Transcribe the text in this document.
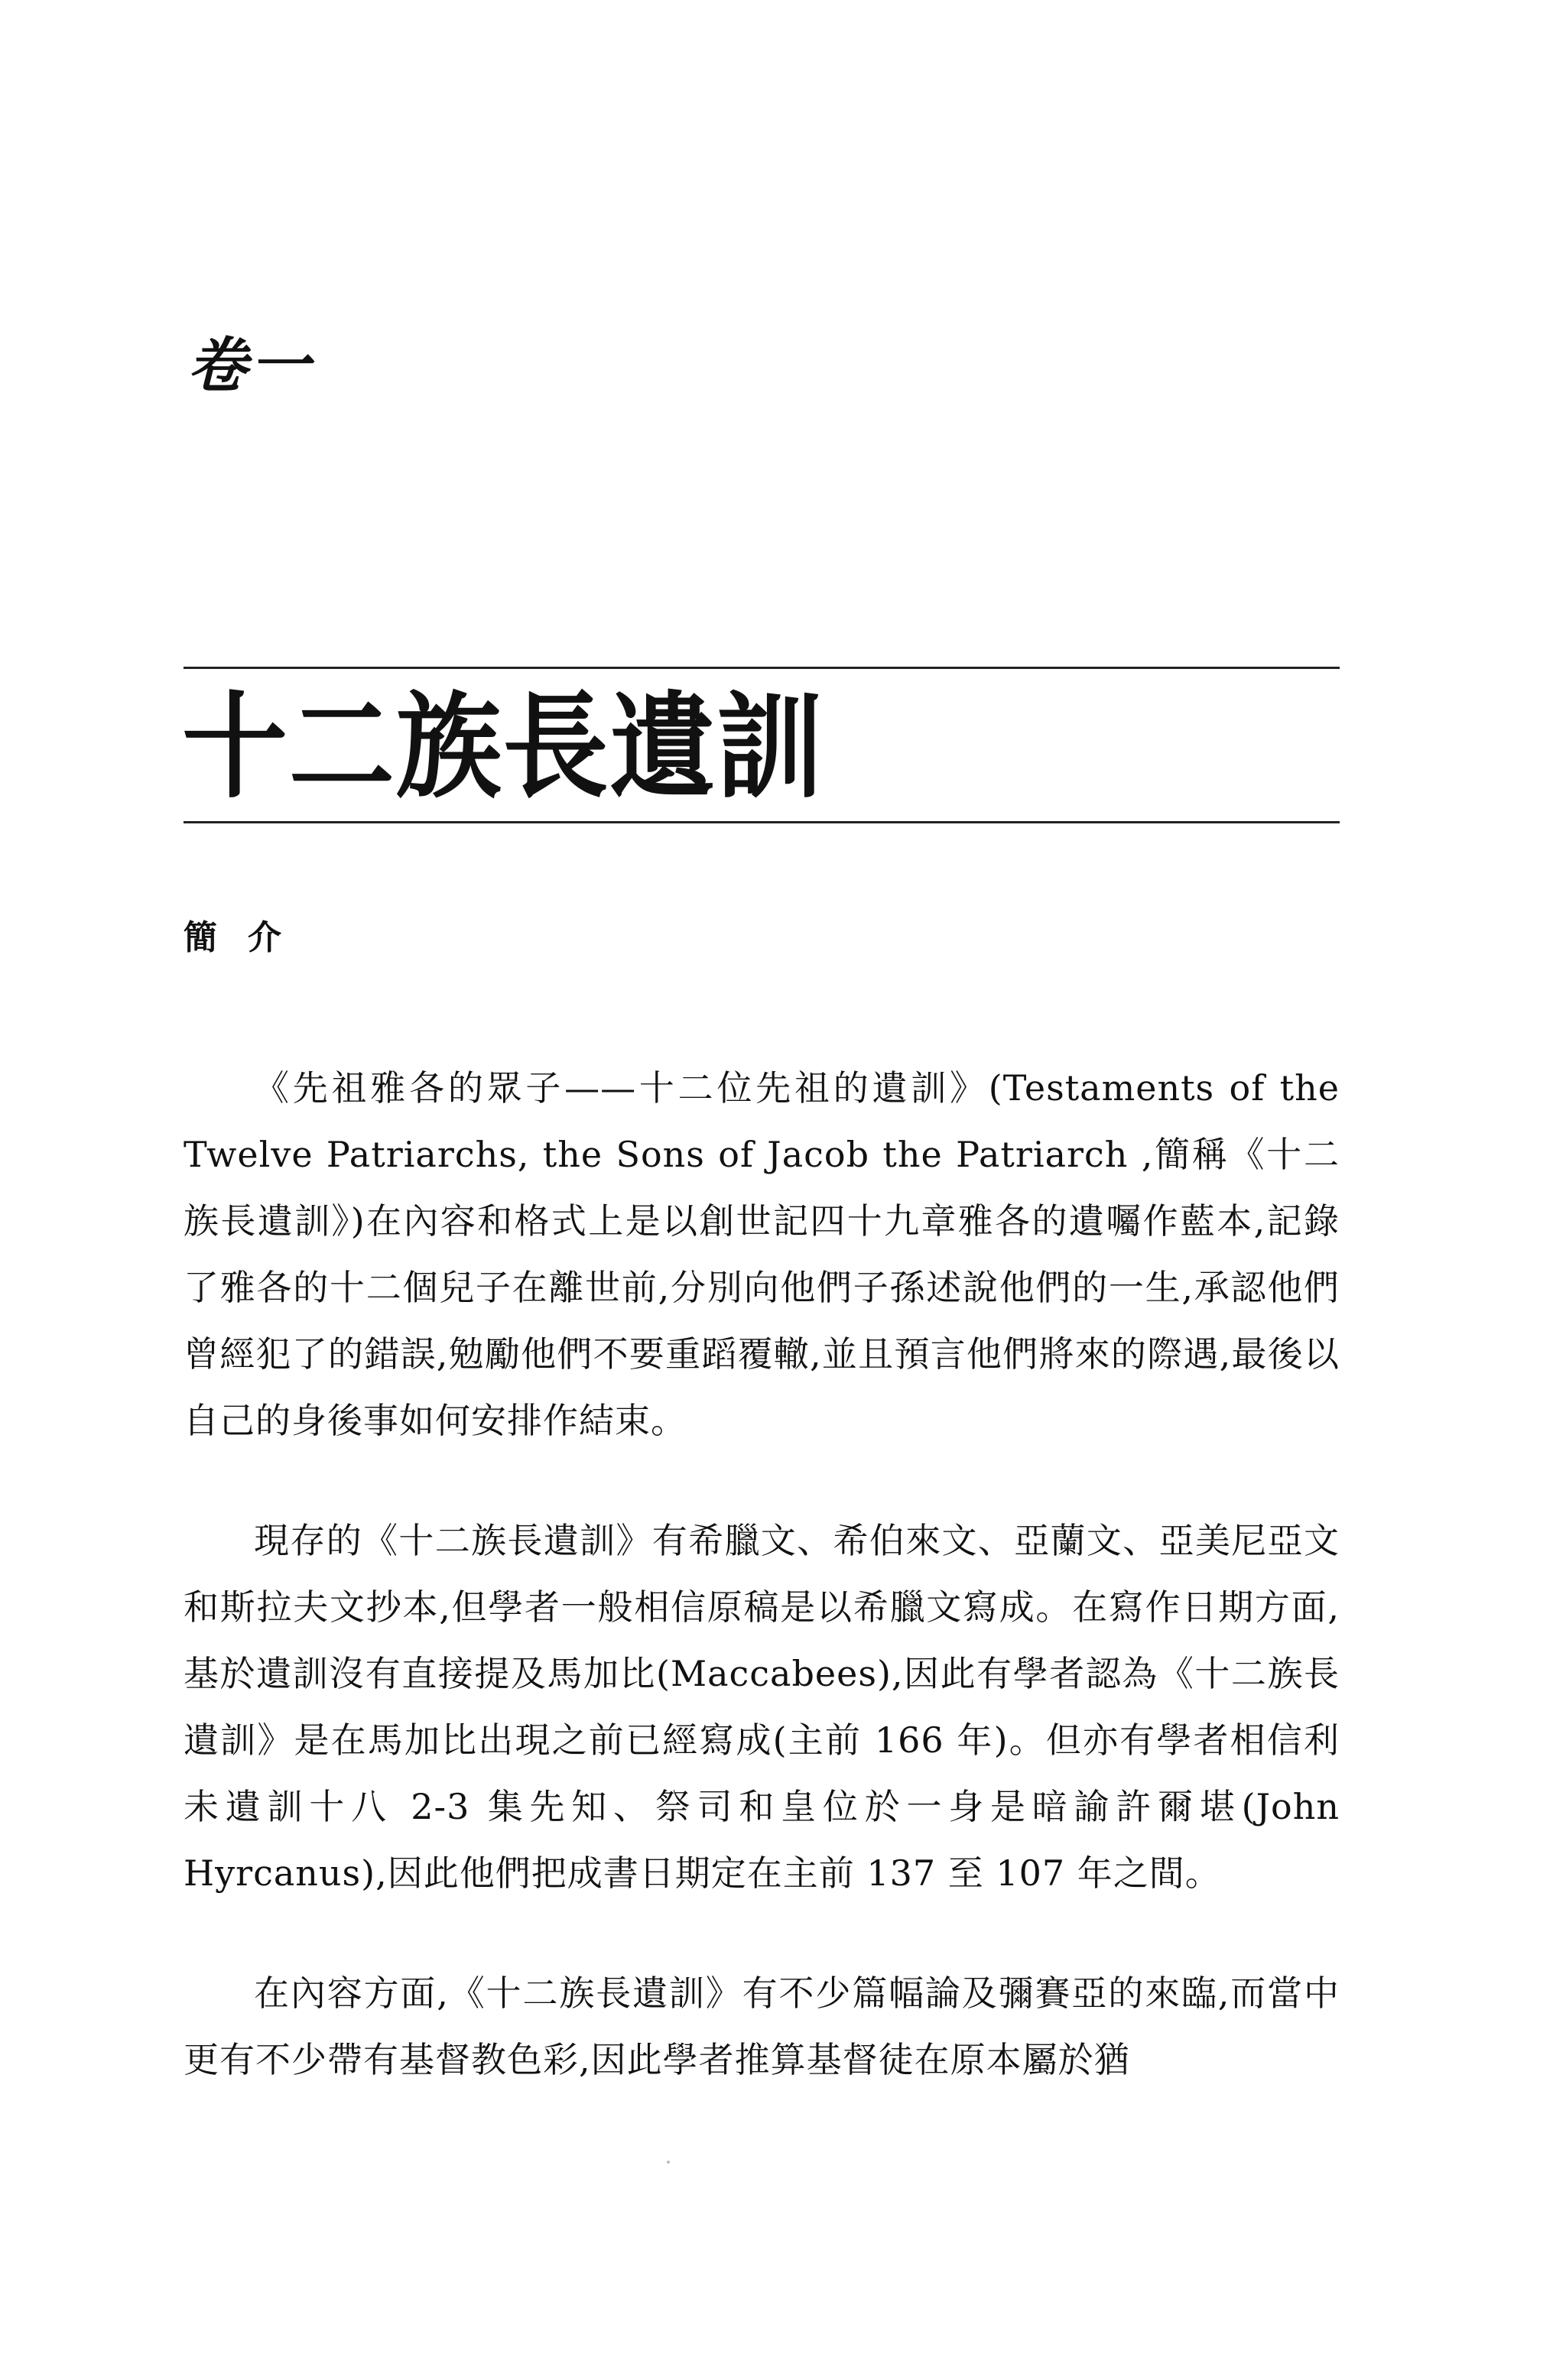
卷一
十二族長遺訓
簡介

《先祖雅各的眾子——十二位先祖的遺訓》(Testaments of the Twelve Patriarchs, the Sons of Jacob the Patriarch ,簡稱《十二族長遺訓》)在內容和格式上是以創世記四十九章雅各的遺囑作藍本,記錄了雅各的十二個兒子在離世前,分別向他們子孫述說他們的一生,承認他們曾經犯了的錯誤,勉勵他們不要重蹈覆轍,並且預言他們將來的際遇,最後以自己的身後事如何安排作結束。

現存的《十二族長遺訓》有希臘文、希伯來文、亞蘭文、亞美尼亞文和斯拉夫文抄本,但學者一般相信原稿是以希臘文寫成。在寫作日期方面,基於遺訓沒有直接提及馬加比(Maccabees),因此有學者認為《十二族長遺訓》是在馬加比出現之前已經寫成(主前 166 年)。但亦有學者相信利未遺訓十八 2-3 集先知、祭司和皇位於一身是暗諭許爾堪(John Hyrcanus),因此他們把成書日期定在主前 137 至 107 年之間。

在內容方面,《十二族長遺訓》有不少篇幅論及彌賽亞的來臨,而當中更有不少帶有基督教色彩,因此學者推算基督徒在原本屬於猶
